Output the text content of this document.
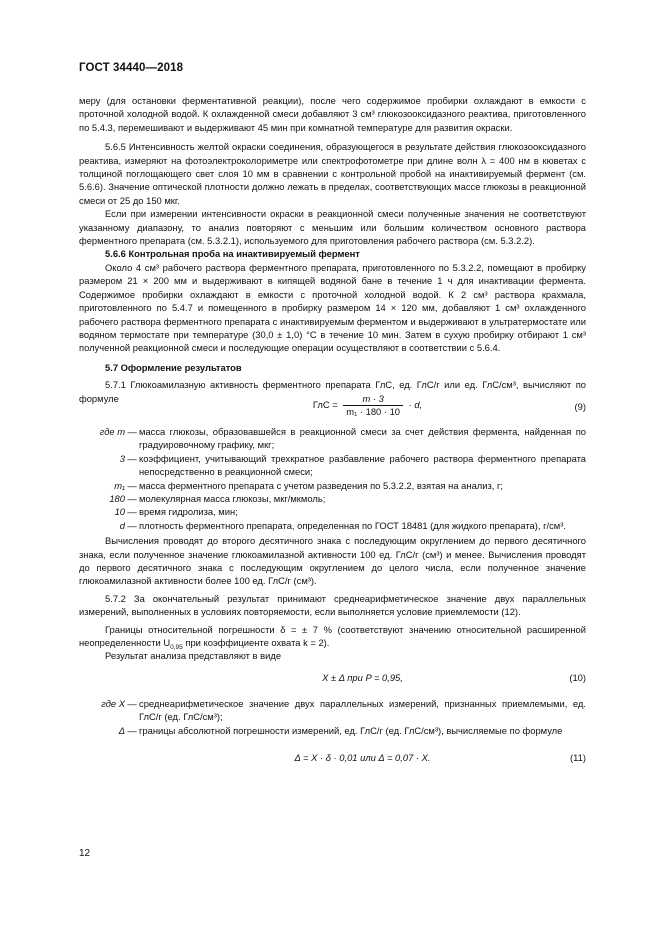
ГОСТ 34440—2018

меру (для остановки ферментативной реакции), после чего содержимое пробирки охлаждают в емкости с проточной холодной водой. К охлажденной смеси добавляют 3 см³ глюкозооксидазного реактива, приготовленного по 5.4.3, перемешивают и выдерживают 45 мин при комнатной температуре для развития окраски.

5.6.5 Интенсивность желтой окраски соединения, образующегося в результате действия глюкозооксидазного реактива, измеряют на фотоэлектроколориметре или спектрофотометре при длине волн λ = 400 нм в кюветах с толщиной поглощающего свет слоя 10 мм в сравнении с контрольной пробой на инактивируемый фермент (см. 5.6.6). Значение оптической плотности должно лежать в пределах, соответствующих массе глюкозы в реакционной смеси от 25 до 150 мкг.

Если при измерении интенсивности окраски в реакционной смеси полученные значения не соответствуют указанному диапазону, то анализ повторяют с меньшим или большим количеством основного раствора ферментного препарата (см. 5.3.2.1), используемого для приготовления рабочего раствора (см. 5.3.2.2).

5.6.6 Контрольная проба на инактивируемый фермент

Около 4 см³ рабочего раствора ферментного препарата, приготовленного по 5.3.2.2, помещают в пробирку размером 21 × 200 мм и выдерживают в кипящей водяной бане в течение 1 ч для инактивации фермента. Содержимое пробирки охлаждают в емкости с проточной холодной водой. К 2 см³ раствора крахмала, приготовленного по 5.4.7 и помещенного в пробирку размером 14 × 120 мм, добавляют 1 см³ охлажденного рабочего раствора ферментного препарата с инактивируемым ферментом и выдерживают в ультратермостате или водяном термостате при температуре (30,0 ± 1,0) °С в течение 10 мин. Затем в сухую пробирку отбирают 1 см³ полученной реакционной смеси и последующие операции осуществляют в соответствии с 5.6.4.

5.7 Оформление результатов

5.7.1 Глюкоамилазную активность ферментного препарата ГлС, ед. ГлС/г или ед. ГлС/см³, вычисляют по формуле

ГлС = $\frac{m \cdot 3}{\text{m₁ · 180 · 10}} \cdot d$,	(9)
где m — масса глюкозы, образовавшейся в реакционной смеси за счет действия фермента, найденная по градуировочному графику, мкг;
3 — коэффициент, учитывающий трехкратное разбавление рабочего раствора ферментного препарата непосредственно в реакционной смеси;
m₁ — масса ферментного препарата с учетом разведения по 5.3.2.2, взятая на анализ, г;
180 — молекулярная масса глюкозы, мкг/мкмоль;
10 — время гидролиза, мин;
d — плотность ферментного препарата, определенная по ГОСТ 18481 (для жидкого препарата), г/см³.

Вычисления проводят до второго десятичного знака с последующим округлением до первого десятичного знака, если полученное значение глюкоамилазной активности 100 ед. ГлС/г (см³) и менее. Вычисления проводят до первого десятичного знака с последующим округлением до целого числа, если полученное значение глюкоамилазной активности более 100 ед. ГлС/г (см³).

5.7.2 За окончательный результат принимают среднеарифметическое значение двух параллельных измерений, выполненных в условиях повторяемости, если выполняется условие приемлемости (12).

Границы относительной погрешности δ = ± 7 % (соответствуют значению относительной расширенной неопределенности $U_{0,95}$ при коэффициенте охвата k = 2).

Результат анализа представляют в виде

X ± Δ при P = 0,95,	(10)
где X — среднеарифметическое значение двух параллельных измерений, признанных приемлемыми, ед. ГлС/г (ед. ГлС/см³);
Δ — границы абсолютной погрешности измерений, ед. ГлС/г (ед. ГлС/см³), вычисляемые по формуле
Δ = X · δ · 0,01 или Δ = 0,07 · X.	(11)
12
